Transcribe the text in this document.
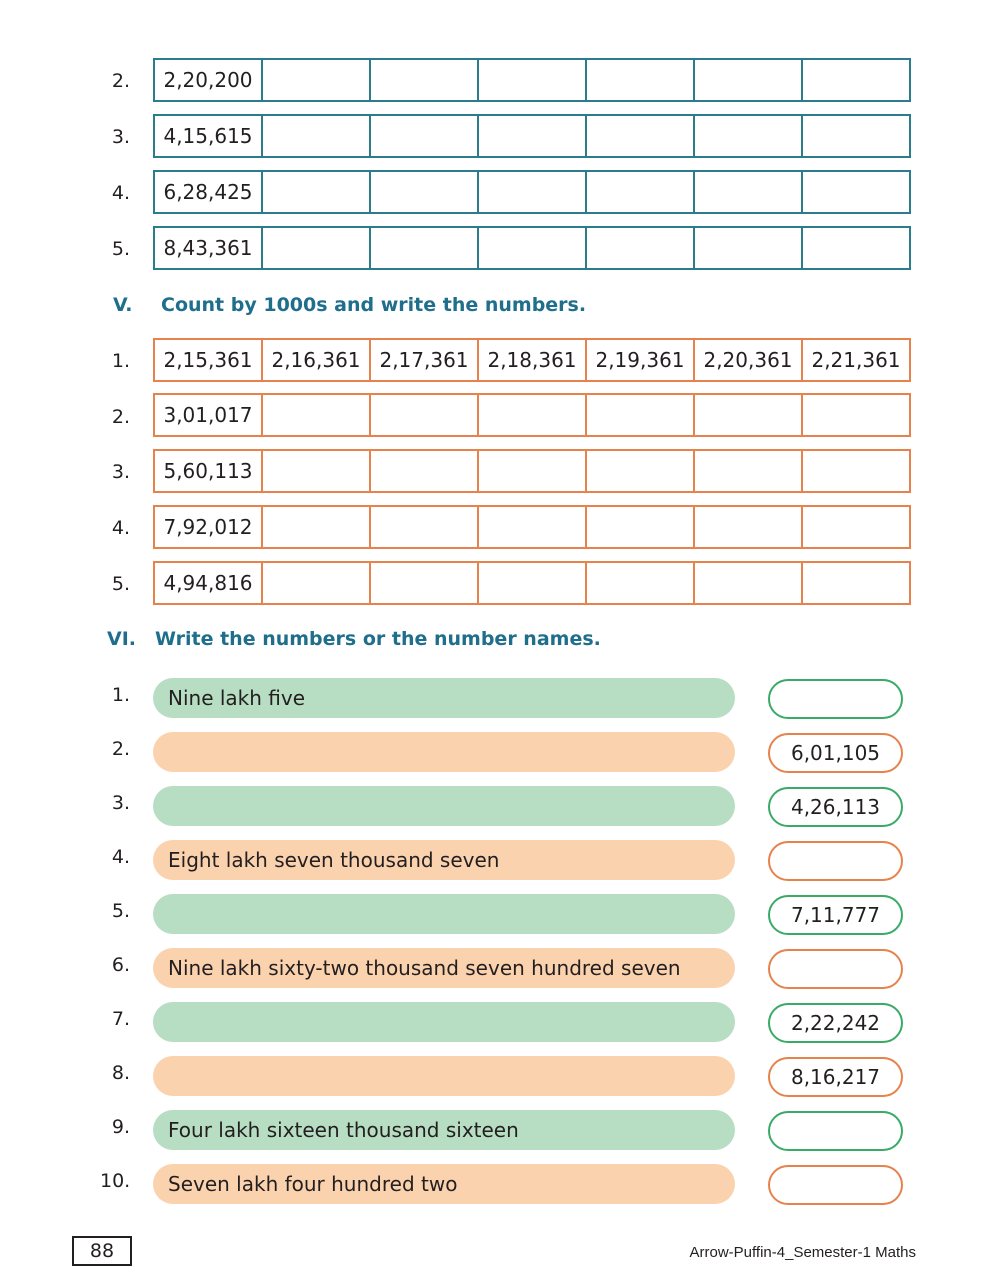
2.	2,20,200
3.	4,15,615
4.	6,28,425
5.	8,43,361
V. Count by 1000s and write the numbers.
1.	2,15,361 2,16,361 2,17,361 2,18,361 2,19,361 2,20,361 2,21,361
2.	3,01,017
3.	5,60,113
4.	7,92,012
5.	4,94,816
VI. Write the numbers or the number names.
1.	Nine lakh five
2.	6,01,105
3.	4,26,113
4.	Eight lakh seven thousand seven
5.	7,11,777
6.	Nine lakh sixty-two thousand seven hundred seven
7.	2,22,242
8.	8,16,217
9.	Four lakh sixteen thousand sixteen
10.	Seven lakh four hundred two
88	Arrow-Puffin-4_Semester-1 Maths
